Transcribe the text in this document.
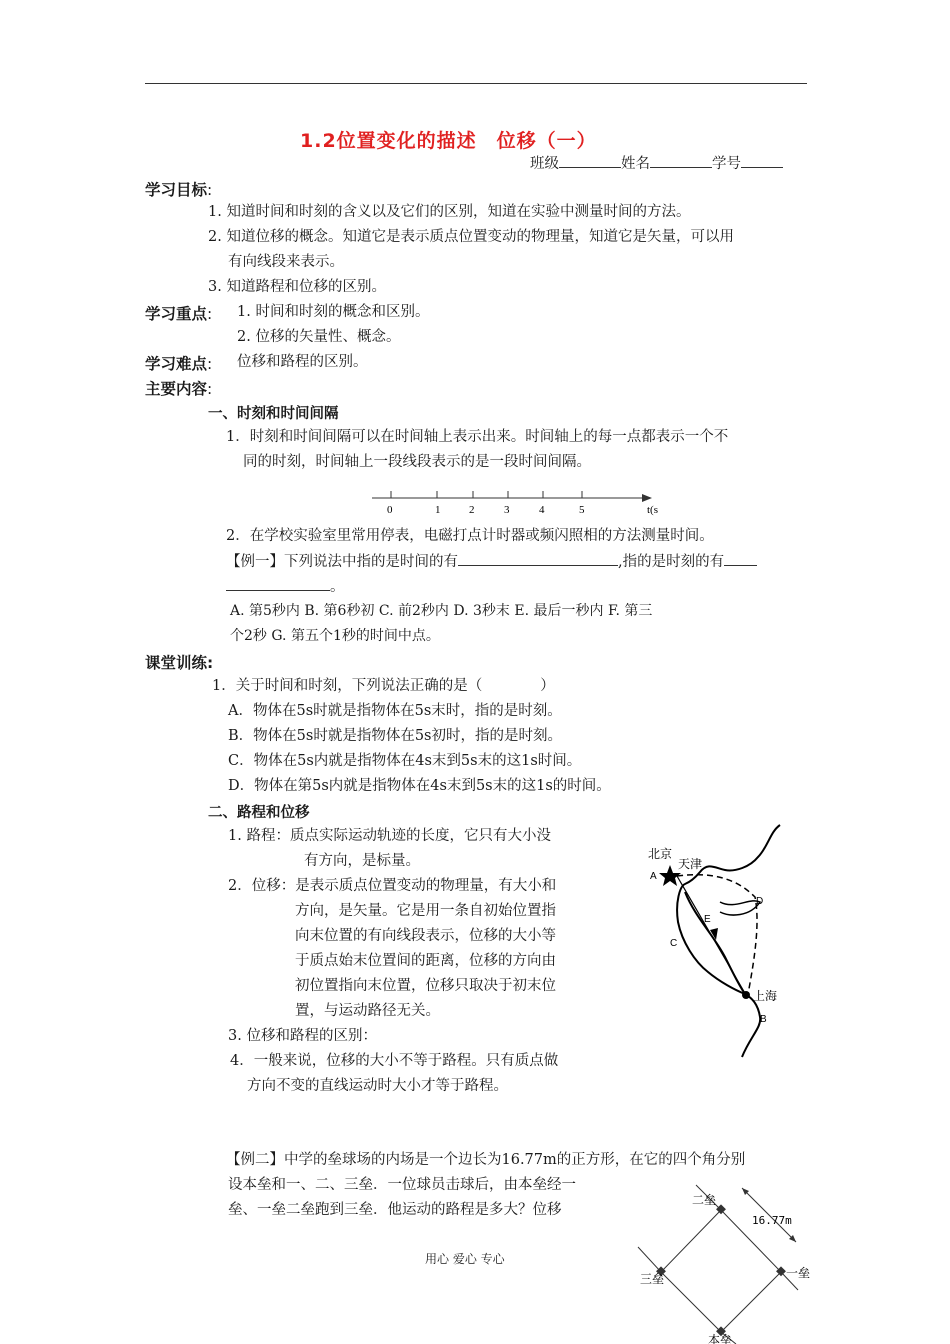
1.2位置变化的描述　位移（一）
班级	姓名	学号
学习目标:
1. 知道时间和时刻的含义以及它们的区别，知道在实验中测量时间的方法。
2. 知道位移的概念。知道它是表示质点位置变动的物理量，知道它是矢量，可以用
有向线段来表示。
3. 知道路程和位移的区别。
学习重点: 1. 时间和时刻的概念和区别。
2. 位移的矢量性、概念。
学习难点: 位移和路程的区别。
主要内容:
一、时刻和时间间隔
1．时刻和时间间隔可以在时间轴上表示出来。时间轴上的每一点都表示一个不
同的时刻，时间轴上一段线段表示的是一段时间间隔。
0	1	2	3	4	5	t(s
2．在学校实验室里常用停表，电磁打点计时器或频闪照相的方法测量时间。
【例一】下列说法中指的是时间的有	,指的是时刻的有
。
A. 第5秒内 B. 第6秒初 C. 前2秒内 D. 3秒末 E. 最后一秒内 F. 第三
个2秒 G. 第五个1秒的时间中点。
课堂训练:
1．关于时间和时刻，下列说法正确的是（　　　　）
A．物体在5s时就是指物体在5s末时，指的是时刻。
B．物体在5s时就是指物体在5s初时，指的是时刻。
C．物体在5s内就是指物体在4s末到5s末的这1s时间。
D．物体在第5s内就是指物体在4s末到5s末的这1s的时间。
二、路程和位移
1. 路程：质点实际运动轨迹的长度，它只有大小没
有方向，是标量。
2．位移：是表示质点位置变动的物理量，有大小和
方向，是矢量。它是用一条自初始位置指
向末位置的有向线段表示，位移的大小等
于质点始末位置间的距离，位移的方向由
初位置指向末位置，位移只取决于初末位
置，与运动路径无关。
3. 位移和路程的区别：
4．一般来说，位移的大小不等于路程。只有质点做
方向不变的直线运动时大小才等于路程。
北京
天津
上海
A
B
C
D
E
【例二】中学的垒球场的内场是一个边长为16.77m的正方形，在它的四个角分别
设本垒和一、二、三垒．一位球员击球后，由本垒经一
垒、一垒二垒跑到三垒．他运动的路程是多大？位移
二垒
16.77m
一垒
三垒
本垒
用心 爱心 专心
